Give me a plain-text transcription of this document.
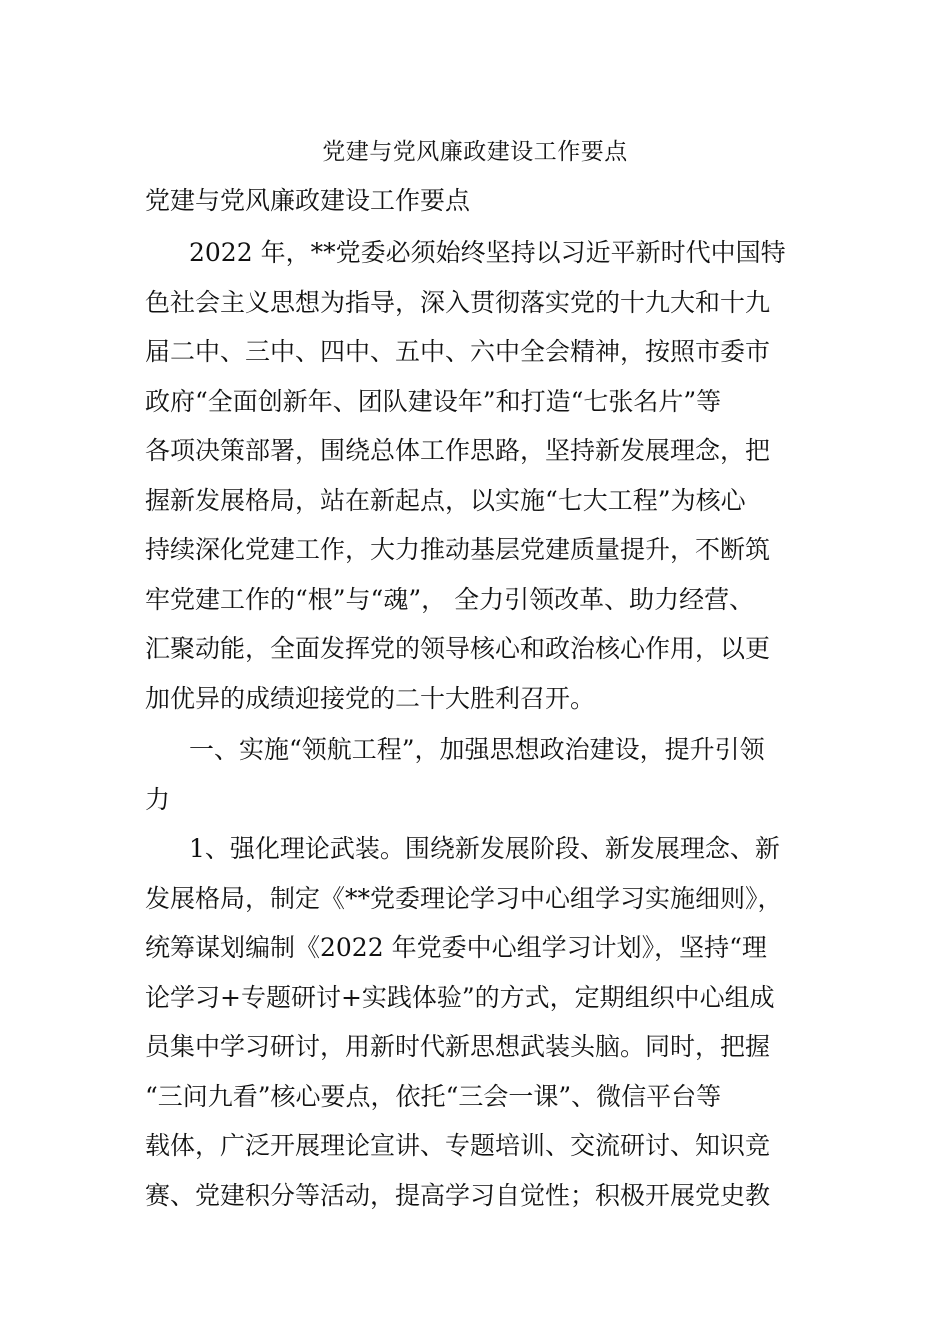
党建与党风廉政建设工作要点
党建与党风廉政建设工作要点
2022 年，**党委必须始终坚持以习近平新时代中国特
色社会主义思想为指导，深入贯彻落实党的十九大和十九
届二中、三中、四中、五中、六中全会精神，按照市委市
政府“全面创新年、团队建设年”和打造“七张名片”等
各项决策部署，围绕总体工作思路，坚持新发展理念，把
握新发展格局，站在新起点，以实施“七大工程”为核心
持续深化党建工作，大力推动基层党建质量提升，不断筑
牢党建工作的“根”与“魂”， 全力引领改革、助力经营、
汇聚动能，全面发挥党的领导核心和政治核心作用，以更
加优异的成绩迎接党的二十大胜利召开。
一、实施“领航工程”，加强思想政治建设，提升引领
力
1、强化理论武装。围绕新发展阶段、新发展理念、新
发展格局，制定《**党委理论学习中心组学习实施细则》，
统筹谋划编制《2022 年党委中心组学习计划》，坚持“理
论学习+专题研讨+实践体验”的方式，定期组织中心组成
员集中学习研讨，用新时代新思想武装头脑。同时，把握
“三问九看”核心要点，依托“三会一课”、微信平台等
载体，广泛开展理论宣讲、专题培训、交流研讨、知识竞
赛、党建积分等活动，提高学习自觉性；积极开展党史教
